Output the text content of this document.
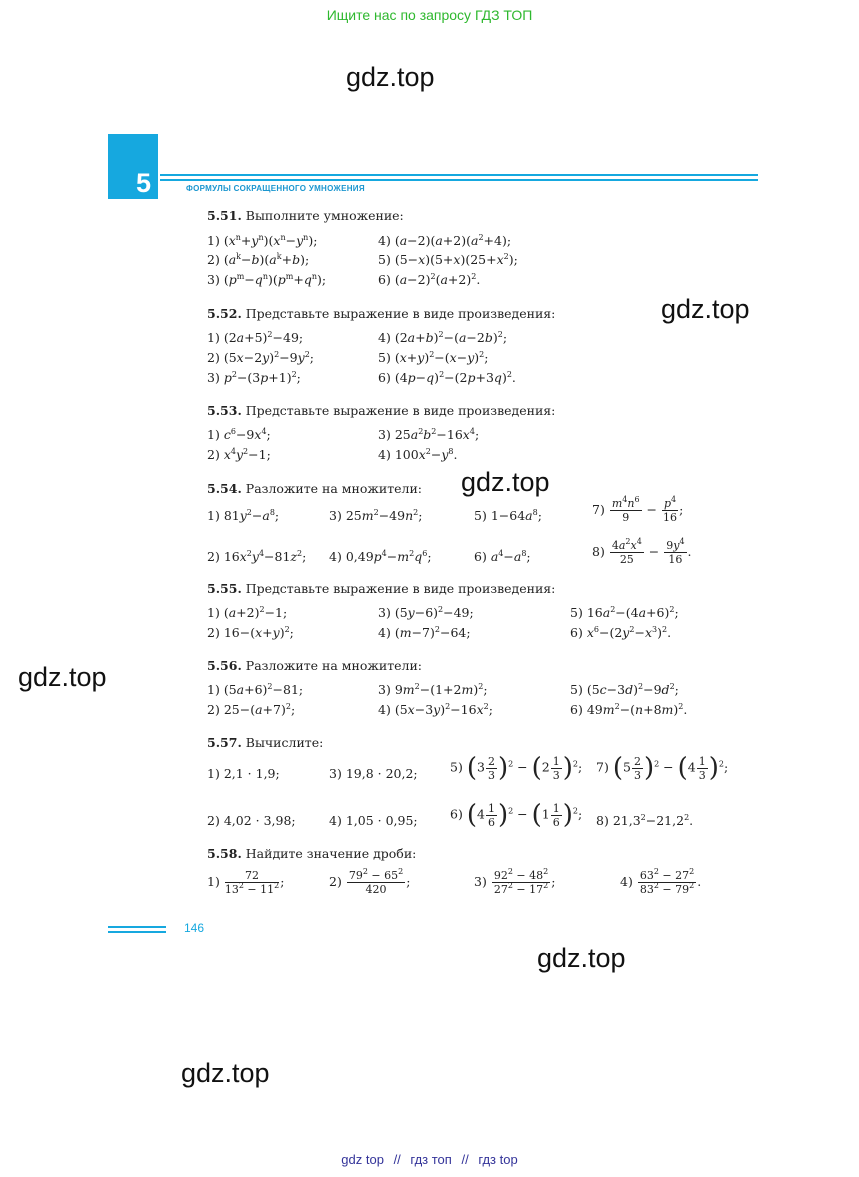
Ищите нас по запросу ГДЗ ТОП
gdz.top
gdz.top
gdz.top
gdz.top
gdz.top
gdz.top
5	ФОРМУЛЫ СОКРАЩЕННОГО УМНОЖЕНИЯ
5.51. Выполните умножение:
1) $(x^n+y^n)(x^n-y^n)$;	4) $(a-2)(a+2)(a^2+4)$;
2) $(a^k-b)(a^k+b)$;	5) $(5-x)(5+x)(25+x^2)$;
3) $(p^m-q^n)(p^m+q^n)$;	6) $(a-2)^2(a+2)^2$.
5.52. Представьте выражение в виде произведения:
1) $(2a+5)^2-49$;	4) $(2a+b)^2-(a-2b)^2$;
2) $(5x-2y)^2-9y^2$;	5) $(x+y)^2-(x-y)^2$;
3) $p^2-(3p+1)^2$;	6) $(4p-q)^2-(2p+3q)^2$.
5.53. Представьте выражение в виде произведения:
1) $c^6-9x^4$;	3) $25a^2b^2-16x^4$;
2) $x^4y^2-1$;	4) $100x^2-y^8$.
5.54. Разложите на множители:
1) $81y^2-a^8$;	3) $25m^2-49n^2$;	5) $1-64a^8$;	$7) \frac{m^4n^6}{9} - \frac{p^4}{16}$ ;
2) $16x^2y^4-81z^2$; 4) $0,49p^4-m^2q^6$;	6) $a^4-a^8$;	$8) \frac{4a^2x^4}{25} - \frac{9y^4}{16}$ .
5.55. Представьте выражение в виде произведения:
1) $(a+2)^2-1$;	3) $(5y-6)^2-49$;	5) $16a^2-(4a+6)^2$;
2) $16-(x+y)^2$;	4) $(m-7)^2-64$;	6) $x^6-(2y^2-x^3)^2$.
5.56. Разложите на множители:
1) $(5a+6)^2-81$;	3) $9m^2-(1+2m)^2$;	5) $(5c-3d)^2-9d^2$;
2) $25-(a+7)^2$;	4) $(5x-3y)^2-16x^2$;	6) $49m^2-(n+8m)^2$.
5.57. Вычислите:
1) 2,1 · 1,9;	3) 19,8 · 20,2;	5) $(3 \frac{2}{3} )^2 - (2 \frac{1}{3} )^2$; 7) $(5 \frac{2}{3} )^2 - (4 \frac{1}{3} )^2$;
2) 4,02 · 3,98;	4) 1,05 · 0,95;	6) $(4 \frac{1}{6} )^2 - (1 \frac{1}{6} )^2$; 8) $21,3^2-21,2^2$.
5.58. Найдите значение дроби:
$1) \frac{72}{13^2 - 11^2}$ ;	$2) \frac{79^2 - 65^2}{420}$ ;	$3) \frac{92^2 - 48^2}{27^2 - 17^2}$ ;	$4) \frac{63^2 - 27^2}{83^2 - 79^2}$ .
146
gdz top // гдз топ // гдз top
